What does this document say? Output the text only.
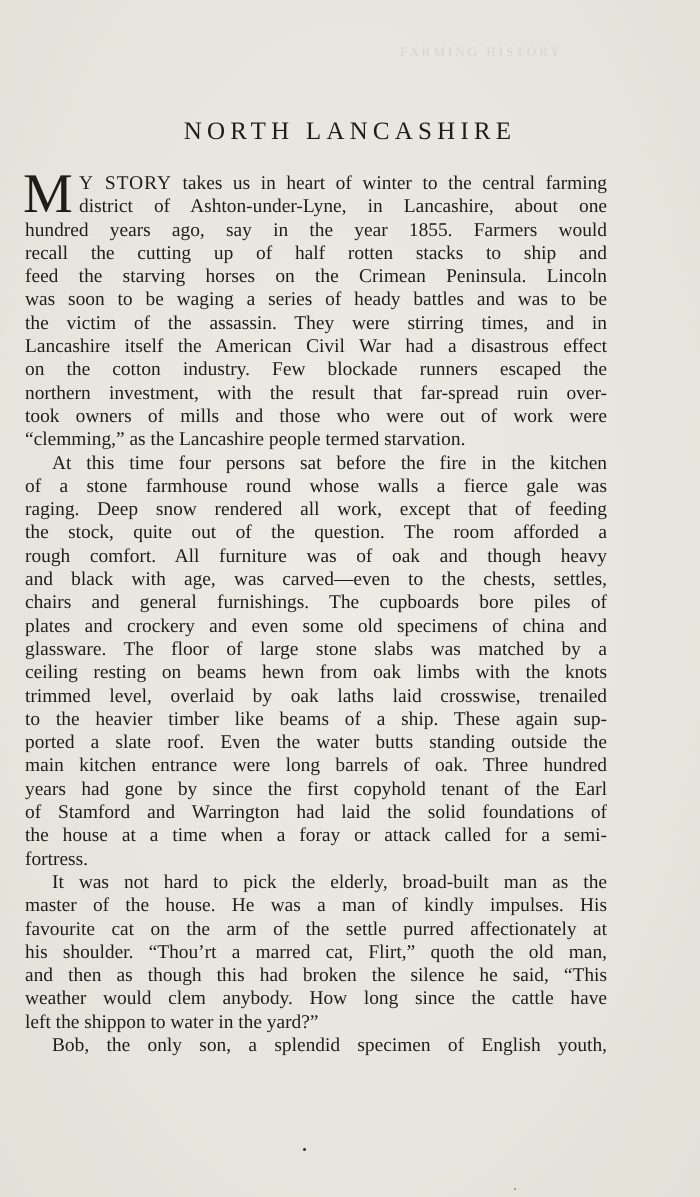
FARMING HISTORY
NORTH LANCASHIRE
M Y STORY takes us in heart of winter to the central farming
district of Ashton-under-Lyne, in Lancashire, about one
hundred years ago, say in the year 1855. Farmers would
recall the cutting up of half rotten stacks to ship and
feed the starving horses on the Crimean Peninsula. Lincoln
was soon to be waging a series of heady battles and was to be
the victim of the assassin. They were stirring times, and in
Lancashire itself the American Civil War had a disastrous effect
on the cotton industry. Few blockade runners escaped the
northern investment, with the result that far-spread ruin over-
took owners of mills and those who were out of work were
“clemming,” as the Lancashire people termed starvation.
At this time four persons sat before the fire in the kitchen
of a stone farmhouse round whose walls a fierce gale was
raging. Deep snow rendered all work, except that of feeding
the stock, quite out of the question. The room afforded a
rough comfort. All furniture was of oak and though heavy
and black with age, was carved—even to the chests, settles,
chairs and general furnishings. The cupboards bore piles of
plates and crockery and even some old specimens of china and
glassware. The floor of large stone slabs was matched by a
ceiling resting on beams hewn from oak limbs with the knots
trimmed level, overlaid by oak laths laid crosswise, trenailed
to the heavier timber like beams of a ship. These again sup-
ported a slate roof. Even the water butts standing outside the
main kitchen entrance were long barrels of oak. Three hundred
years had gone by since the first copyhold tenant of the Earl
of Stamford and Warrington had laid the solid foundations of
the house at a time when a foray or attack called for a semi-
fortress.
It was not hard to pick the elderly, broad-built man as the
master of the house. He was a man of kindly impulses. His
favourite cat on the arm of the settle purred affectionately at
his shoulder. “Thou’rt a marred cat, Flirt,” quoth the old man,
and then as though this had broken the silence he said, “This
weather would clem anybody. How long since the cattle have
left the shippon to water in the yard?”
Bob, the only son, a splendid specimen of English youth,
